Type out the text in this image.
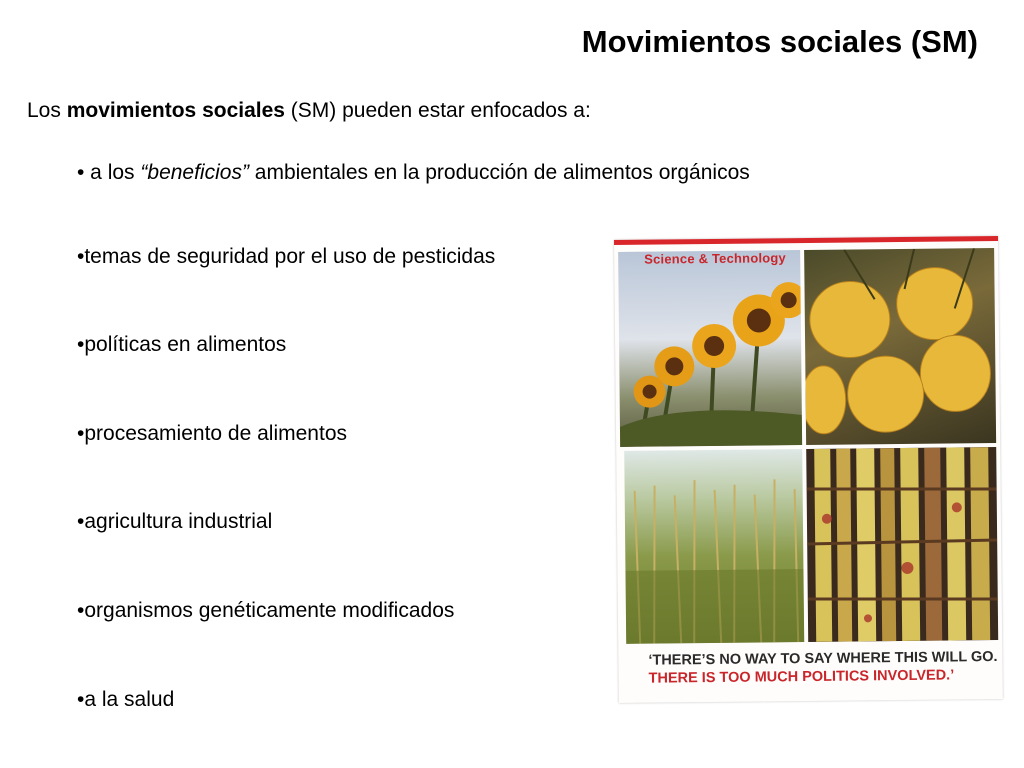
Movimientos sociales (SM)
Los movimientos sociales (SM) pueden estar enfocados a:
• a los “beneficios” ambientales en la producción de alimentos orgánicos
•temas de seguridad por el uso de pesticidas
•políticas en alimentos
•procesamiento de alimentos
•agricultura industrial
•organismos genéticamente modificados
•a la salud
Science & Technology
‘THERE’S NO WAY TO SAY WHERE THIS WILL GO.
THERE IS TOO MUCH POLITICS INVOLVED.’
